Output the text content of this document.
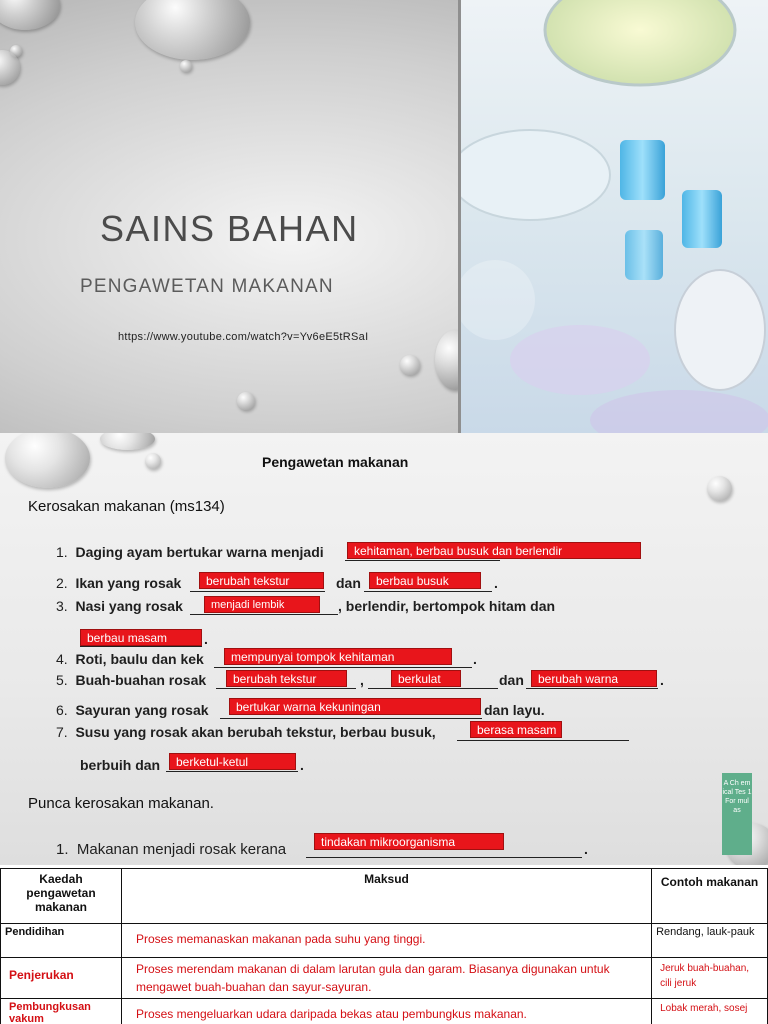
SAINS BAHAN
PENGAWETAN MAKANAN
https://www.youtube.com/watch?v=Yv6eE5tRSaI
Pengawetan makanan
Kerosakan makanan (ms134)
1. Daging ayam bertukar warna menjadi	kehitaman, berbau busuk dan berlendir
2. Ikan yang rosak	berubah tekstur	dan	berbau busuk	.
3. Nasi yang rosak	menjadi lembik	, berlendir, bertompok hitam dan
berbau masam	.
4. Roti, baulu dan kek	mempunyai tompok kehitaman	.
5. Buah-buahan rosak	berubah tekstur	,	berkulat	dan	berubah warna	.
6. Sayuran yang rosak	bertukar warna kekuningan	dan layu.
7. Susu yang rosak akan berubah tekstur, berbau busuk,	berasa masam
berbuih dan	berketul-ketul	.
Punca kerosakan makanan.
1. Makanan menjadi rosak kerana	tindakan mikroorganisma	.
A Ch em ical Tes 1 For mul as
Kaedah pengawetan makanan	Maksud	Contoh makanan
Pendidihan	Proses memanaskan makanan pada suhu yang tinggi.	Rendang, lauk-pauk
Penjerukan	Proses merendam makanan di dalam larutan gula dan garam. Biasanya digunakan untuk mengawet buah-buahan dan sayur-sayuran.	Jeruk buah-buahan, cili jeruk
Pembungkusan vakum	Proses mengeluarkan udara daripada bekas atau pembungkus makanan.	Lobak merah, sosej
